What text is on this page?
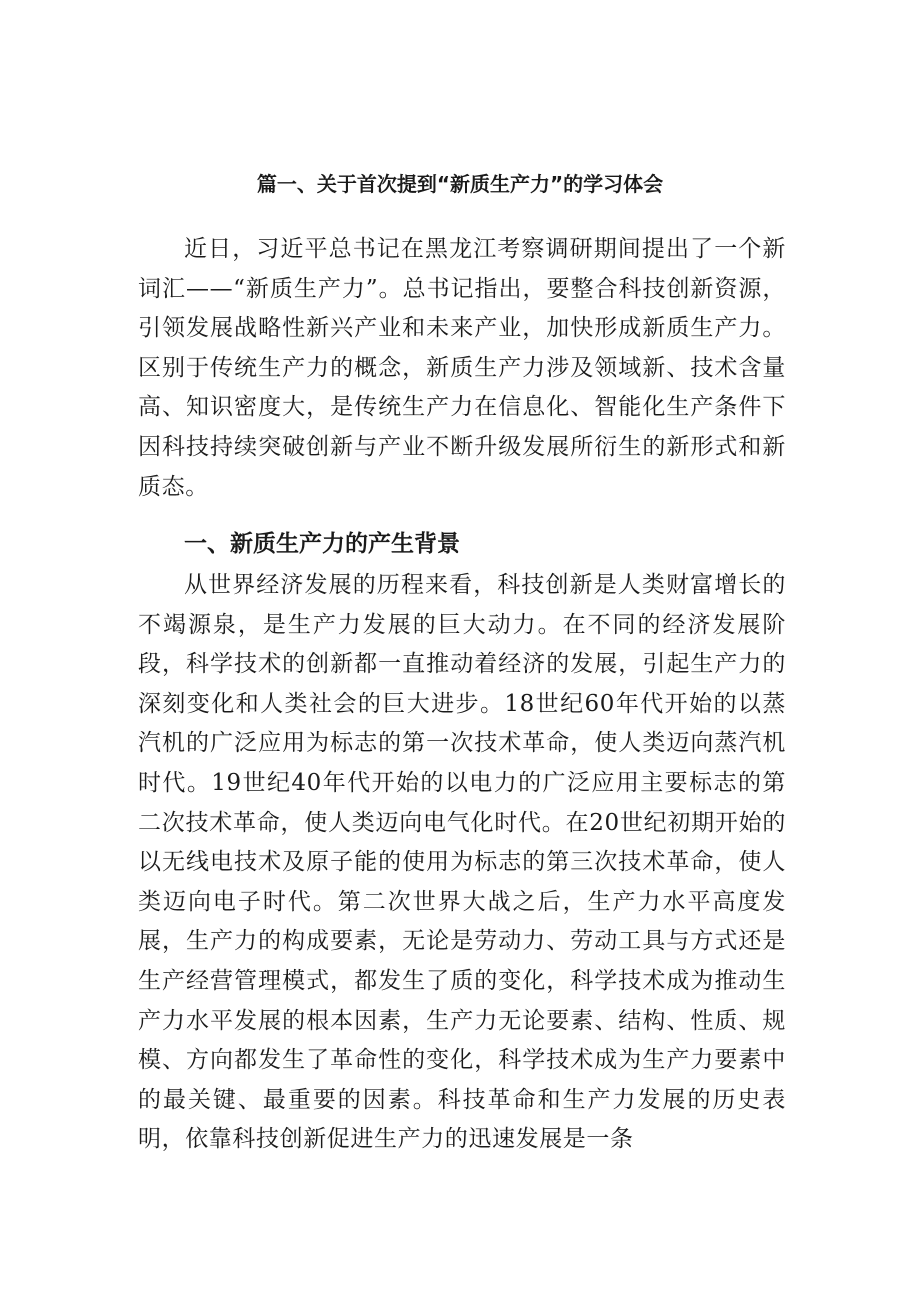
篇一、关于首次提到“新质生产力”的学习体会

近日，习近平总书记在黑龙江考察调研期间提出了一个新词汇——“新质生产力”。总书记指出，要整合科技创新资源，引领发展战略性新兴产业和未来产业，加快形成新质生产力。区别于传统生产力的概念，新质生产力涉及领域新、技术含量高、知识密度大，是传统生产力在信息化、智能化生产条件下因科技持续突破创新与产业不断升级发展所衍生的新形式和新质态。

一、新质生产力的产生背景

从世界经济发展的历程来看，科技创新是人类财富增长的不竭源泉，是生产力发展的巨大动力。在不同的经济发展阶段，科学技术的创新都一直推动着经济的发展，引起生产力的深刻变化和人类社会的巨大进步。18世纪60年代开始的以蒸汽机的广泛应用为标志的第一次技术革命，使人类迈向蒸汽机时代。19世纪40年代开始的以电力的广泛应用主要标志的第二次技术革命，使人类迈向电气化时代。在20世纪初期开始的以无线电技术及原子能的使用为标志的第三次技术革命，使人类迈向电子时代。第二次世界大战之后，生产力水平高度发展，生产力的构成要素，无论是劳动力、劳动工具与方式还是生产经营管理模式，都发生了质的变化，科学技术成为推动生产力水平发展的根本因素，生产力无论要素、结构、性质、规模、方向都发生了革命性的变化，科学技术成为生产力要素中的最关键、最重要的因素。科技革命和生产力发展的历史表明，依靠科技创新促进生产力的迅速发展是一条
